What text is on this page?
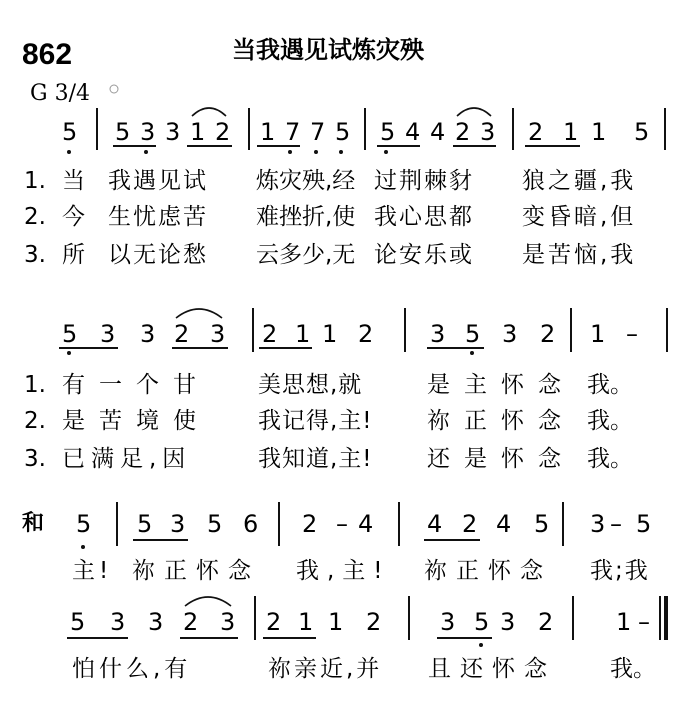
862	当我遇见试炼灾殃
G 3/4
5 5 3 3 1 2 1 7 7 5 5 4 4 2 3 2 1 1 5
1. 当 我遇见试 炼灾殃,经 过荆棘豺 狼之疆,我
2. 今 生忧虑苦 难挫折,使 我心思都 变昏暗,但
3. 所 以无论愁 云多少,无 论安乐或 是苦恼,我
5 3 3 2 3 2 1 1 2 3 5 3 2 1 –
1. 有一个甘 美思想,就	是主怀念 我。
2. 是苦境使 我记得,主! 祢正怀念 我。
3. 已满足,因	我知道,主! 还是怀念 我。
和 5 5 3 5 6 2 – 4 4 2 4 5 3 – 5
主! 祢正怀念 我,主! 祢正怀念 我;我
5 3 3 2 3 2 1 1 2 3 5 3 2	1 –
怕什么,有	祢亲近,并 且还怀念 我。
